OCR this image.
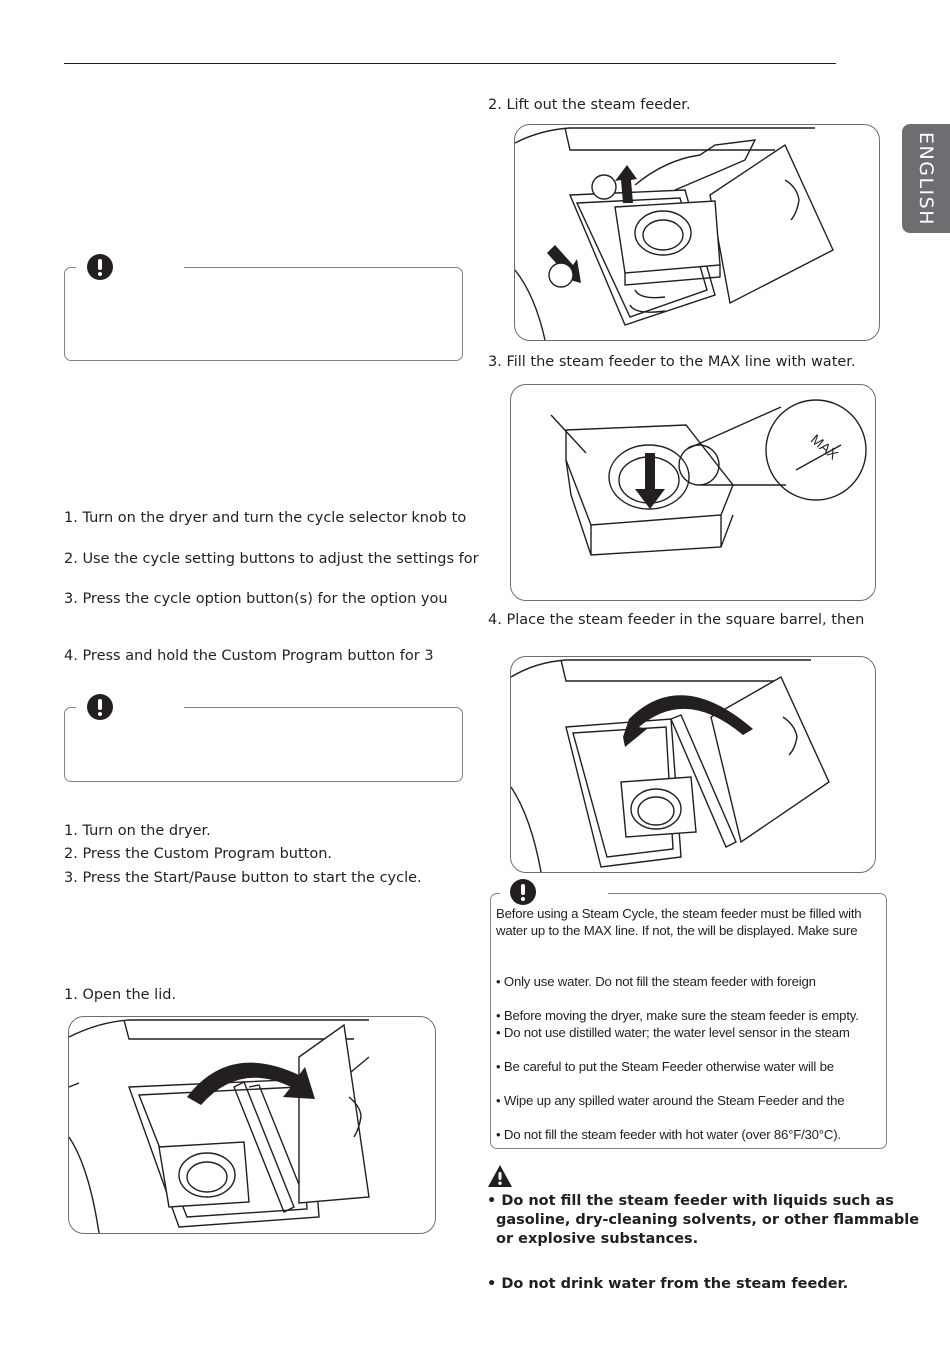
ENGLISH
1. Turn on the dryer and turn the cycle selector knob to
2. Use the cycle setting buttons to adjust the settings for
3. Press the cycle option button(s) for the option you
4. Press and hold the Custom Program button for 3
1. Turn on the dryer.
2. Press the Custom Program button.
3. Press the Start/Pause button to start the cycle.
1. Open the lid.
2. Lift out the steam feeder.
3. Fill the steam feeder to the MAX line with water.
MAX
4. Place the steam feeder in the square barrel, then
Before using a Steam Cycle, the steam feeder must be filled with
water up to the MAX line. If not, the will be displayed. Make sure
• Only use water. Do not fill the steam feeder with foreign
• Before moving the dryer, make sure the steam feeder is empty.
• Do not use distilled water; the water level sensor in the steam
• Be careful to put the Steam Feeder otherwise water will be
• Wipe up any spilled water around the Steam Feeder and the
• Do not fill the steam feeder with hot water (over 86°F/30°C).
• Do not fill the steam feeder with liquids such as
gasoline, dry-cleaning solvents, or other flammable
or explosive substances.
• Do not drink water from the steam feeder.
